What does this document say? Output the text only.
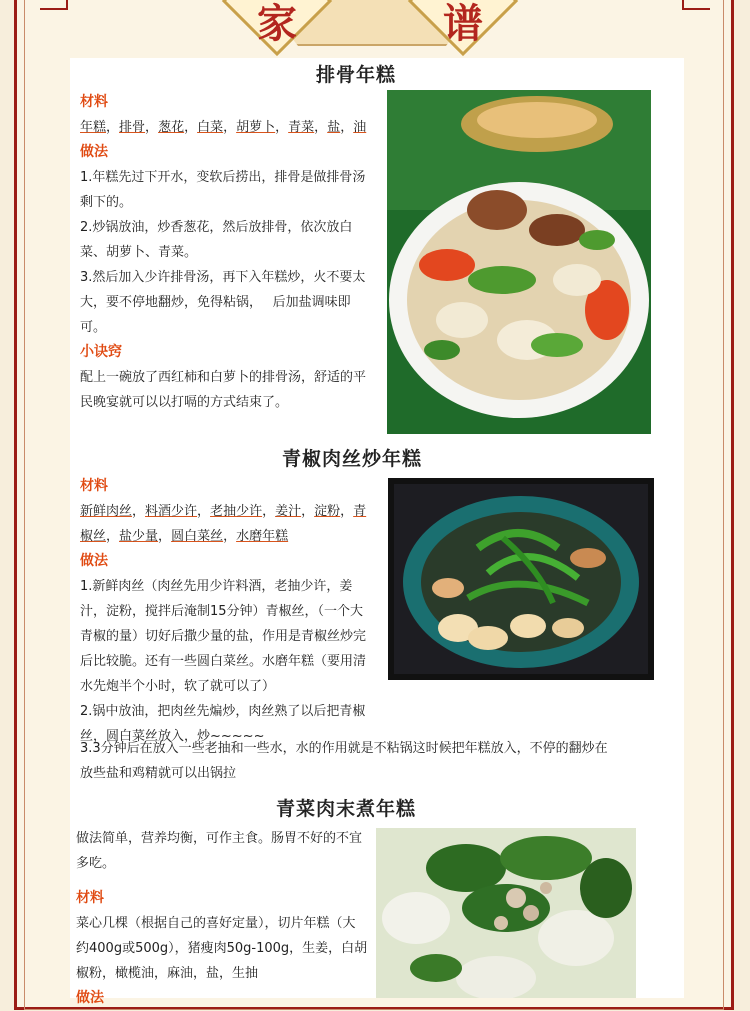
家	谱
排骨年糕
材料
年糕，排骨，葱花，白菜，胡萝卜，青菜，盐，油
做法

1.年糕先过下开水，变软后捞出，排骨是做排骨汤剩下的。

2.炒锅放油，炒香葱花，然后放排骨，依次放白菜、胡萝卜、青菜。

3.然后加入少许排骨汤，再下入年糕炒，火不要太大，要不停地翻炒，免得粘锅，　 后加盐调味即可。

小诀窍

配上一碗放了西红柿和白萝卜的排骨汤，舒适的平民晚宴就可以以打嗝的方式结束了。

青椒肉丝炒年糕
材料
新鲜肉丝，料酒少许，老抽少许，姜汁，淀粉，青椒丝，盐少量，圆白菜丝，水磨年糕
做法

1.新鲜肉丝（肉丝先用少许料酒，老抽少许，姜汁，淀粉，搅拌后淹制15分钟）青椒丝，（一个大青椒的量）切好后撒少量的盐，作用是青椒丝炒完后比较脆。还有一些圆白菜丝。水磨年糕（要用清水先炮半个小时，软了就可以了）

2.锅中放油，把肉丝先煸炒，肉丝熟了以后把青椒丝，圆白菜丝放入，炒~~~~~

3.3分钟后在放入一些老抽和一些水，水的作用就是不粘锅这时候把年糕放入，不停的翻炒在放些盐和鸡精就可以出锅拉

青菜肉末煮年糕

做法简单，营养均衡，可作主食。肠胃不好的不宜多吃。

材料

菜心几棵（根据自己的喜好定量），切片年糕（大约400g或500g），猪瘦肉50g-100g，生姜，白胡椒粉，橄榄油，麻油，盐，生抽

做法
